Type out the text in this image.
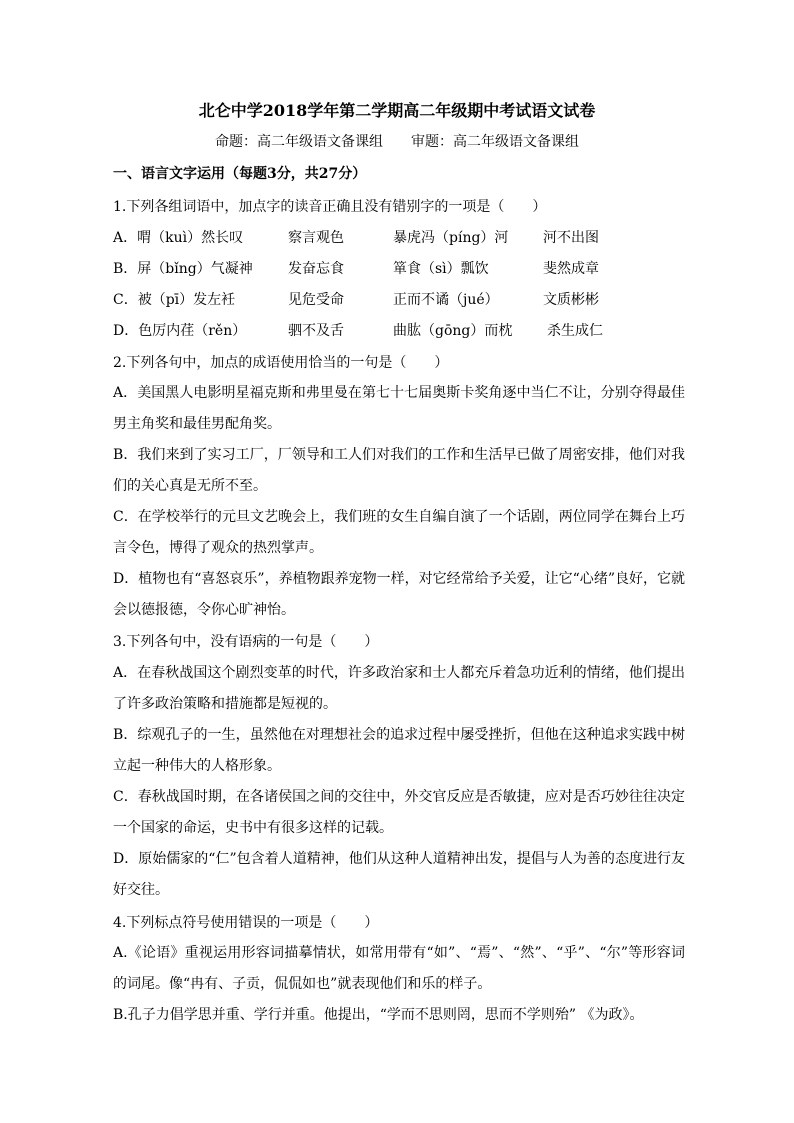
北仑中学2018学年第二学期高二年级期中考试语文试卷
命题：高二年级语文备课组 审题：高二年级语文备课组
一、语言文字运用（每题3分，共27分）
1.下列各组词语中，加点字的读音正确且没有错别字的一项是（　　）
A．喟（kuì）然长叹	察言观色	暴虎冯（píng）河 河不出图
B．屏（bǐng）气凝神	发奋忘食	箪食（sì）瓢饮	斐然成章
C．被（pī）发左衽	见危受命	正而不谲（jué）	文质彬彬
D．色厉内荏（rěn）	驷不及舌	曲肱（gōng）而枕 杀生成仁
2.下列各句中，加点的成语使用恰当的一句是（　　）
A．美国黑人电影明星福克斯和弗里曼在第七十七届奥斯卡奖角逐中当仁不让，分别夺得最佳男主角奖和最佳男配角奖。
B．我们来到了实习工厂，厂领导和工人们对我们的工作和生活早已做了周密安排，他们对我们的关心真是无所不至。
C．在学校举行的元旦文艺晚会上，我们班的女生自编自演了一个话剧，两位同学在舞台上巧言令色，博得了观众的热烈掌声。
D．植物也有“喜怒哀乐”，养植物跟养宠物一样，对它经常给予关爱，让它“心绪”良好，它就会以德报德，令你心旷神怡。
3.下列各句中，没有语病的一句是（　　）
A．在春秋战国这个剧烈变革的时代，许多政治家和士人都充斥着急功近利的情绪，他们提出了许多政治策略和措施都是短视的。
B．综观孔子的一生，虽然他在对理想社会的追求过程中屡受挫折，但他在这种追求实践中树立起一种伟大的人格形象。
C．春秋战国时期，在各诸侯国之间的交往中，外交官反应是否敏捷，应对是否巧妙往往决定一个国家的命运，史书中有很多这样的记载。
D．原始儒家的“仁”包含着人道精神，他们从这种人道精神出发，提倡与人为善的态度进行友好交往。
4.下列标点符号使用错误的一项是（　　）
A.《论语》重视运用形容词描摹情状，如常用带有“如”、“焉”、“然”、“乎”、“尔”等形容词的词尾。像“冉有、子贡，侃侃如也”就表现他们和乐的样子。
B.孔子力倡学思并重、学行并重。他提出，“学而不思则罔，思而不学则殆” 《为政》。
